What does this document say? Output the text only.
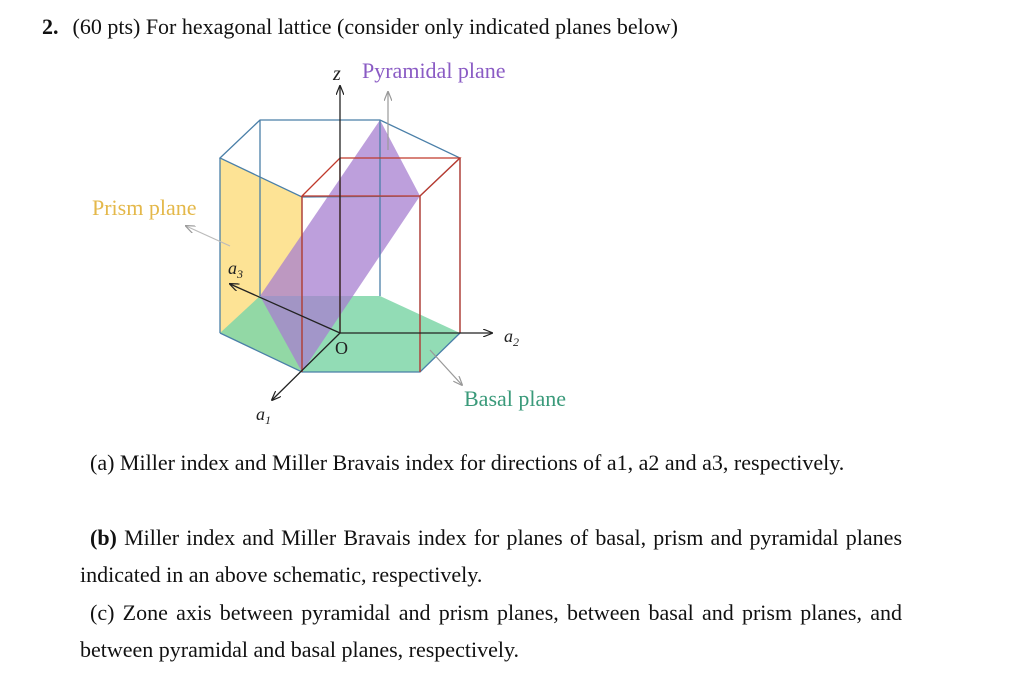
2. (60 pts) For hexagonal lattice (consider only indicated planes below)
z Pyramidal plane
Prism plane
Basal plane
O
$a_3$
$a_2$
$a_1$
(a) Miller index and Miller Bravais index for directions of a1, a2 and a3, respectively.
(b) Miller index and Miller Bravais index for planes of basal, prism and pyramidal planes indicated in an above schematic, respectively.
(c) Zone axis between pyramidal and prism planes, between basal and prism planes, and between pyramidal and basal planes, respectively.
